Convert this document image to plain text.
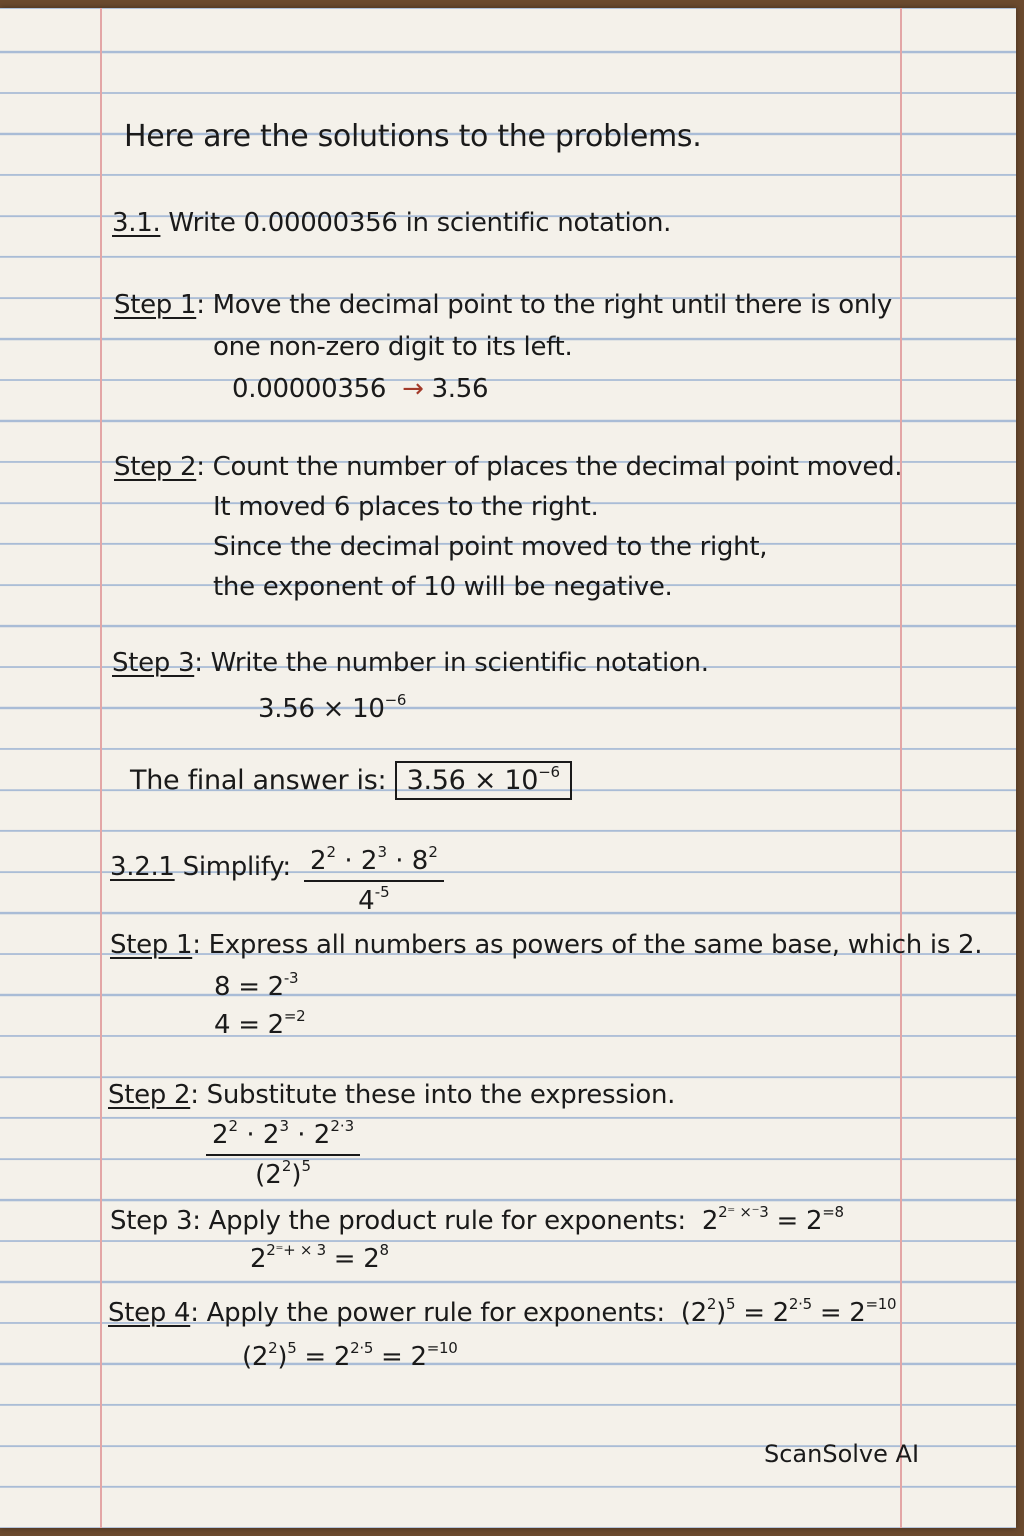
Here are the solutions to the problems.
3.1. Write 0.00000356 in scientific notation.
Step 1: Move the decimal point to the right until there is only
one non-zero digit to its left.
0.00000356 → 3.56
Step 2: Count the number of places the decimal point moved.
It moved 6 places to the right.
Since the decimal point moved to the right,
the exponent of 10 will be negative.
Step 3: Write the number in scientific notation.
$3.56 \times 10^{-6}$
The final answer is: $3.56 \times 10^{-6}$
3.2.1 Simplify: $\frac{2^2 \cdot 2^3 \cdot 8^2}{4^{-5}}$
Step 1: Express all numbers as powers of the same base, which is 2.
$8 = 2^{-3}$
$4 = 2^{=2}$
Step 2: Substitute these into the expression.
$\frac{2^2 \cdot 2^3 \cdot 2^{2\cdot 3}}{(2^2)^5}$
Step 3: Apply the product rule for exponents:  $2^{2^= \times^-3} = 2^{=8}$
$2^{2^=+ \times 3} = 2^8$
Step 4: Apply the power rule for exponents: $(2^2)^5 = 2^{2\cdot 5} = 2^{=10}$
$(2^2)^5 = 2^{2\cdot 5} = 2^{=10}$
ScanSolve AI
